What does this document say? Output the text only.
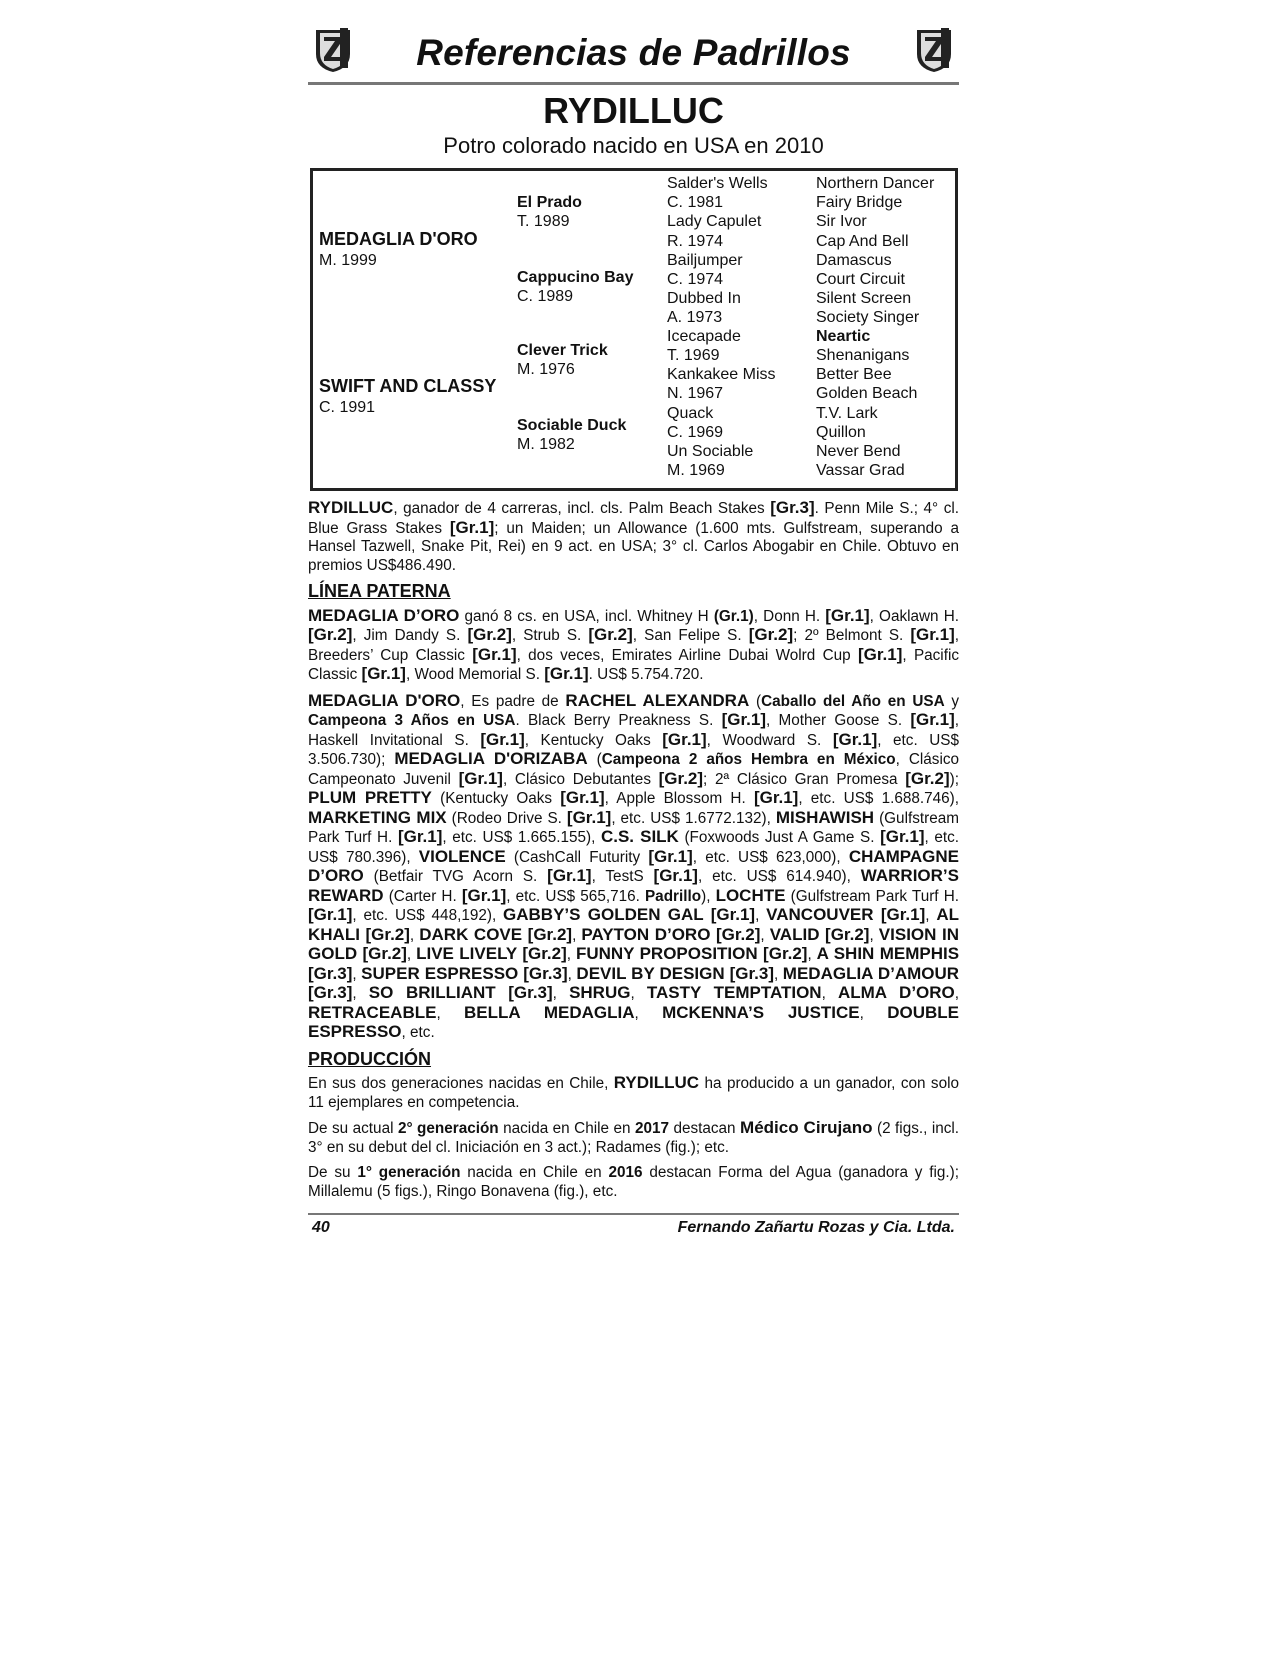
Referencias de Padrillos
RYDILLUC
Potro colorado nacido en USA en 2010
MEDAGLIA D'ORO
M. 1999
SWIFT AND CLASSY
C. 1991
El Prado
T. 1989
Cappucino Bay
C. 1989
Clever Trick
M. 1976
Sociable Duck
M. 1982
Salder's Wells
C. 1981
Lady Capulet
R. 1974
Bailjumper
C. 1974
Dubbed In
A. 1973
Icecapade
T. 1969
Kankakee Miss
N. 1967
Quack
C. 1969
Un Sociable
M. 1969
Northern Dancer
Fairy Bridge
Sir Ivor
Cap And Bell
Damascus
Court Circuit
Silent Screen
Society Singer
Neartic
Shenanigans
Better Bee
Golden Beach
T.V. Lark
Quillon
Never Bend
Vassar Grad

RYDILLUC, ganador de 4 carreras, incl. cls. Palm Beach Stakes [Gr.3]. Penn Mile S.; 4° cl. Blue Grass Stakes [Gr.1]; un Maiden; un Allowance (1.600 mts. Gulfstream, superando a Hansel Tazwell, Snake Pit, Rei) en 9 act. en USA; 3° cl. Carlos Abogabir en Chile. Obtuvo en premios US$486.490.

LÍNEA PATERNA

MEDAGLIA D’ORO ganó 8 cs. en USA, incl. Whitney H (Gr.1), Donn H. [Gr.1], Oaklawn H. [Gr.2], Jim Dandy S. [Gr.2], Strub S. [Gr.2], San Felipe S. [Gr.2]; 2º Belmont S. [Gr.1], Breeders’ Cup Classic [Gr.1], dos veces, Emirates Airline Dubai Wolrd Cup [Gr.1], Pacific Classic [Gr.1], Wood Memorial S. [Gr.1]. US$ 5.754.720.

MEDAGLIA D'ORO, Es padre de RACHEL ALEXANDRA (Caballo del Año en USA y Campeona 3 Años en USA. Black Berry Preakness S. [Gr.1], Mother Goose S. [Gr.1], Haskell Invitational S. [Gr.1], Kentucky Oaks [Gr.1], Woodward S. [Gr.1], etc. US$ 3.506.730); MEDAGLIA D'ORIZABA (Campeona 2 años Hembra en México, Clásico Campeonato Juvenil [Gr.1], Clásico Debutantes [Gr.2]; 2ª Clásico Gran Promesa [Gr.2]); PLUM PRETTY (Kentucky Oaks [Gr.1], Apple Blossom H. [Gr.1], etc. US$ 1.688.746), MARKETING MIX (Rodeo Drive S. [Gr.1], etc. US$ 1.6772.132), MISHAWISH (Gulfstream Park Turf H. [Gr.1], etc. US$ 1.665.155), C.S. SILK (Foxwoods Just A Game S. [Gr.1], etc. US$ 780.396), VIOLENCE (CashCall Futurity [Gr.1], etc. US$ 623,000), CHAMPAGNE D’ORO (Betfair TVG Acorn S. [Gr.1], TestS [Gr.1], etc. US$ 614.940), WARRIOR’S REWARD (Carter H. [Gr.1], etc. US$ 565,716. Padrillo), LOCHTE (Gulfstream Park Turf H. [Gr.1], etc. US$ 448,192), GABBY’S GOLDEN GAL [Gr.1], VANCOUVER [Gr.1], AL KHALI [Gr.2], DARK COVE [Gr.2], PAYTON D’ORO [Gr.2], VALID [Gr.2], VISION IN GOLD [Gr.2], LIVE LIVELY [Gr.2], FUNNY PROPOSITION [Gr.2], A SHIN MEMPHIS [Gr.3], SUPER ESPRESSO [Gr.3], DEVIL BY DESIGN [Gr.3], MEDAGLIA D’AMOUR [Gr.3], SO BRILLIANT [Gr.3], SHRUG, TASTY TEMPTATION, ALMA D’ORO, RETRACEABLE, BELLA MEDAGLIA, MCKENNA’S JUSTICE, DOUBLE ESPRESSO, etc.

PRODUCCIÓN

En sus dos generaciones nacidas en Chile, RYDILLUC ha producido a un ganador, con solo 11 ejemplares en competencia.

De su actual 2° generación nacida en Chile en 2017 destacan Médico Cirujano (2 figs., incl. 3° en su debut del cl. Iniciación en 3 act.); Radames (fig.); etc.

De su 1° generación nacida en Chile en 2016 destacan Forma del Agua (ganadora y fig.); Millalemu (5 figs.), Ringo Bonavena (fig.), etc.

40	Fernando Zañartu Rozas y Cia. Ltda.
